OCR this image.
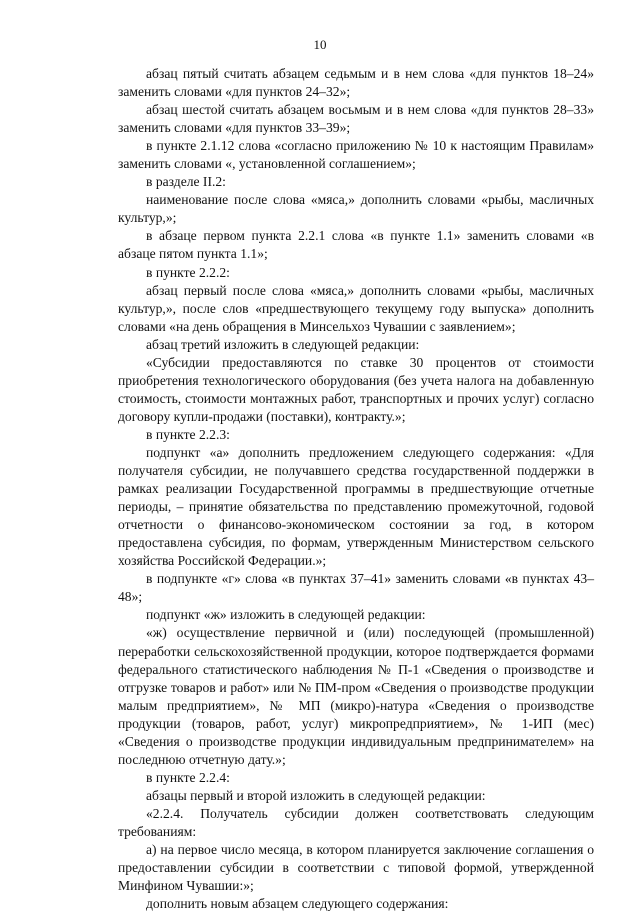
10

абзац пятый считать абзацем седьмым и в нем слова «для пунктов 18–24» заменить словами «для пунктов 24–32»;

абзац шестой считать абзацем восьмым и в нем слова «для пунктов 28–33» заменить словами «для пунктов 33–39»;

в пункте 2.1.12 слова «согласно приложению № 10 к настоящим Правилам» заменить словами «, установленной соглашением»;

в разделе II.2:

наименование после слова «мяса,» дополнить словами «рыбы, масличных культур,»;

в абзаце первом пункта 2.2.1 слова «в пункте 1.1» заменить словами «в абзаце пятом пункта 1.1»;

в пункте 2.2.2:

абзац первый после слова «мяса,» дополнить словами «рыбы, масличных культур,», после слов «предшествующего текущему году выпуска» дополнить словами «на день обращения в Минсельхоз Чувашии с заявлением»;

абзац третий изложить в следующей редакции:

«Субсидии предоставляются по ставке 30 процентов от стоимости приобретения технологического оборудования (без учета налога на добавленную стоимость, стоимости монтажных работ, транспортных и прочих услуг) согласно договору купли-продажи (поставки), контракту.»;

в пункте 2.2.3:

подпункт «а» дополнить предложением следующего содержания: «Для получателя субсидии, не получавшего средства государственной поддержки в рамках реализации Государственной программы в предшествующие отчетные периоды, – принятие обязательства по представлению промежуточной, годовой отчетности о финансово-экономическом состоянии за год, в котором предоставлена субсидия, по формам, утвержденным Министерством сельского хозяйства Российской Федерации.»;

в подпункте «г» слова «в пунктах 37–41» заменить словами «в пунктах 43–48»;

подпункт «ж» изложить в следующей редакции:

«ж) осуществление первичной и (или) последующей (промышленной) переработки сельскохозяйственной продукции, которое подтверждается формами федерального статистического наблюдения № П-1 «Сведения о производстве и отгрузке товаров и работ» или № ПМ-пром «Сведения о производстве продукции малым предприятием», № МП (микро)-натура «Сведения о производстве продукции (товаров, работ, услуг) микропредприятием», № 1-ИП (мес) «Сведения о производстве продукции индивидуальным предпринимателем» на последнюю отчетную дату.»;

в пункте 2.2.4:

абзацы первый и второй изложить в следующей редакции:

«2.2.4. Получатель субсидии должен соответствовать следующим требованиям:

а) на первое число месяца, в котором планируется заключение соглашения о предоставлении субсидии в соответствии с типовой формой, утвержденной Минфином Чувашии:»;

дополнить новым абзацем следующего содержания:
